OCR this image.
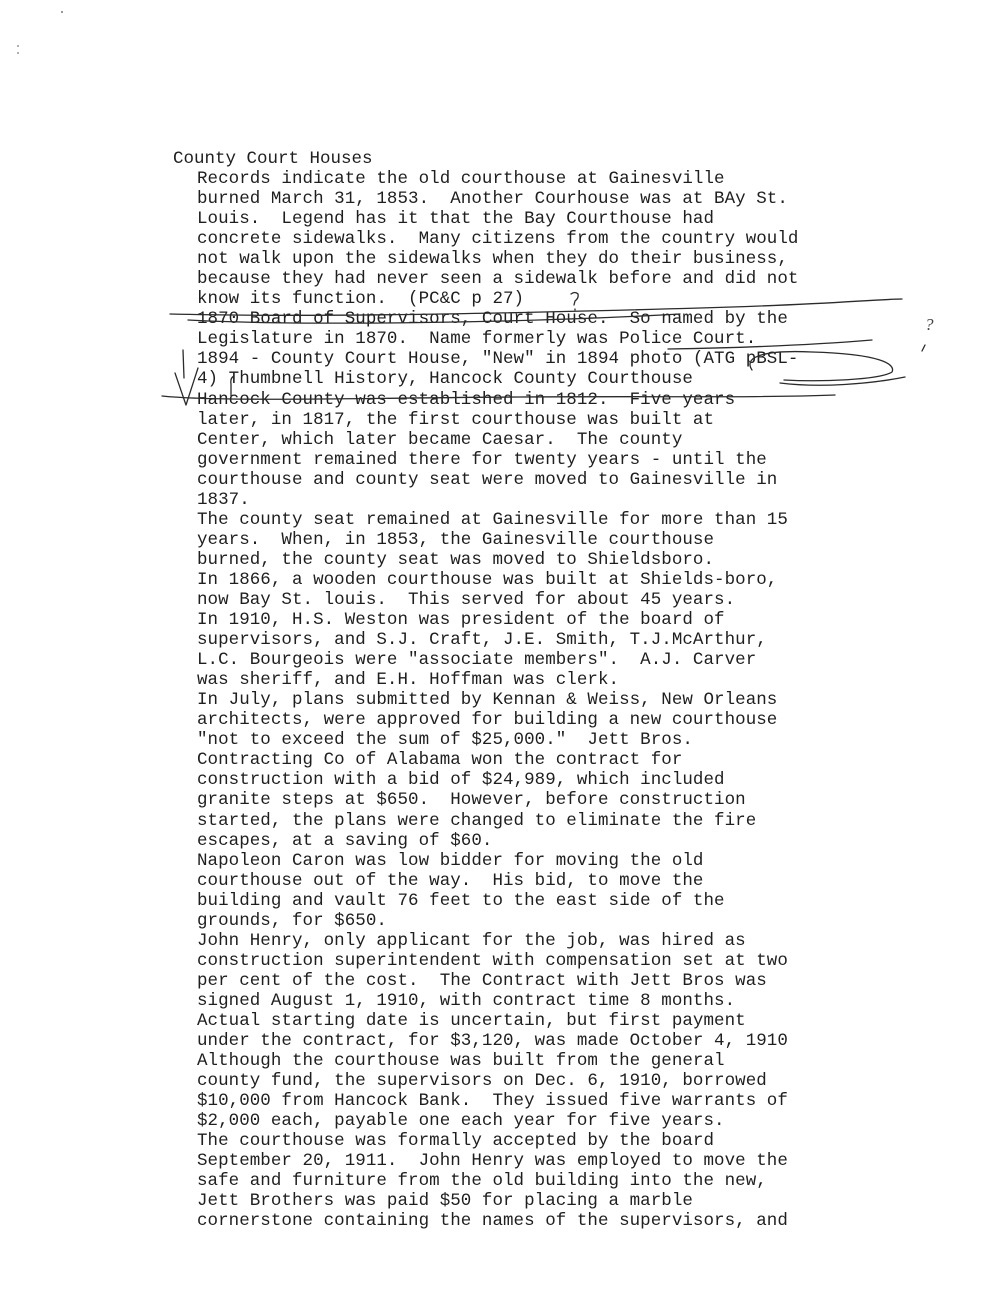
County Court Houses
Records indicate the old courthouse at Gainesville
burned March 31, 1853.  Another Courhouse was at BAy St.
Louis.  Legend has it that the Bay Courthouse had
concrete sidewalks.  Many citizens from the country would
not walk upon the sidewalks when they do their business,
because they had never seen a sidewalk before and did not
know its function.  (PC&C p 27)
1870 Board of Supervisors, Court House.  So named by the
Legislature in 1870.  Name formerly was Police Court.
1894 - County Court House, "New" in 1894 photo (ATG pBSL-
4) Thumbnell History, Hancock County Courthouse
Hancock County was established in 1812.  Five years
later, in 1817, the first courthouse was built at
Center, which later became Caesar.  The county
government remained there for twenty years - until the
courthouse and county seat were moved to Gainesville in
1837.
The county seat remained at Gainesville for more than 15
years.  When, in 1853, the Gainesville courthouse
burned, the county seat was moved to Shieldsboro.
In 1866, a wooden courthouse was built at Shields-boro,
now Bay St. louis.  This served for about 45 years.
In 1910, H.S. Weston was president of the board of
supervisors, and S.J. Craft, J.E. Smith, T.J.McArthur,
L.C. Bourgeois were "associate members".  A.J. Carver
was sheriff, and E.H. Hoffman was clerk.
In July, plans submitted by Kennan & Weiss, New Orleans
architects, were approved for building a new courthouse
"not to exceed the sum of $25,000."  Jett Bros.
Contracting Co of Alabama won the contract for
construction with a bid of $24,989, which included
granite steps at $650.  However, before construction
started, the plans were changed to eliminate the fire
escapes, at a saving of $60.
Napoleon Caron was low bidder for moving the old
courthouse out of the way.  His bid, to move the
building and vault 76 feet to the east side of the
grounds, for $650.
John Henry, only applicant for the job, was hired as
construction superintendent with compensation set at two
per cent of the cost.  The Contract with Jett Bros was
signed August 1, 1910, with contract time 8 months.
Actual starting date is uncertain, but first payment
under the contract, for $3,120, was made October 4, 1910
Although the courthouse was built from the general
county fund, the supervisors on Dec. 6, 1910, borrowed
$10,000 from Hancock Bank.  They issued five warrants of
$2,000 each, payable one each year for five years.
The courthouse was formally accepted by the board
September 20, 1911.  John Henry was employed to move the
safe and furniture from the old building into the new,
Jett Brothers was paid $50 for placing a marble
cornerstone containing the names of the supervisors, and
?
